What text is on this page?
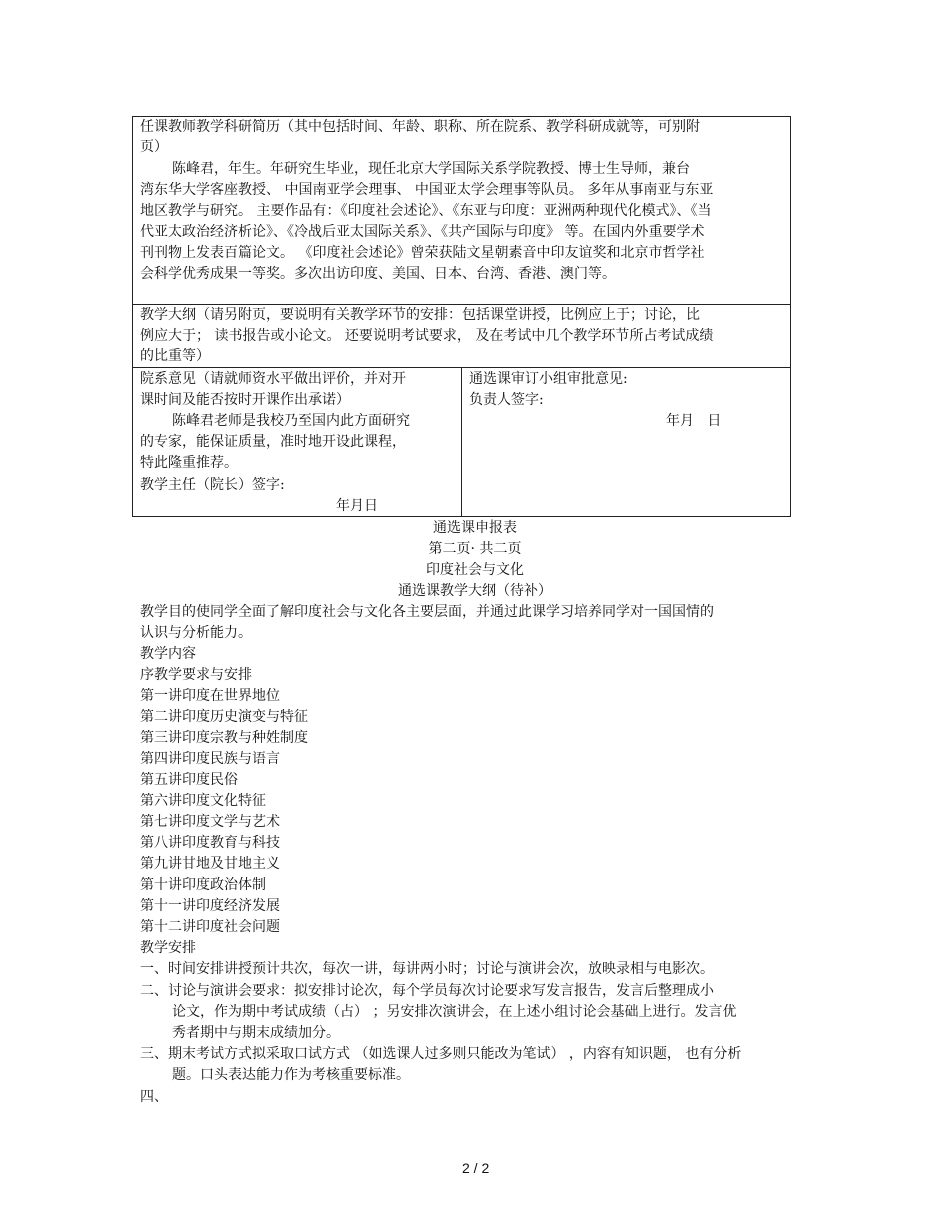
任课教师教学科研简历（其中包括时间、年龄、职称、所在院系、教学科研成就等，可别附
页）
陈峰君，年生。年研究生毕业，现任北京大学国际关系学院教授、博士生导师，兼台
湾东华大学客座教授、 中国南亚学会理事、 中国亚太学会理事等队员。 多年从事南亚与东亚
地区教学与研究。 主要作品有：《印度社会述论》、《东亚与印度：亚洲两种现代化模式》、《当
代亚太政治经济析论》、《冷战后亚太国际关系》、《共产国际与印度》 等。在国内外重要学术
刊刊物上发表百篇论文。 《印度社会述论》曾荣获陆文星朝素音中印友谊奖和北京市哲学社
会科学优秀成果一等奖。多次出访印度、美国、日本、台湾、香港、澳门等。
教学大纲（请另附页，要说明有关教学环节的安排：包括课堂讲授，比例应上于；讨论，比
例应大于； 读书报告或小论文。 还要说明考试要求， 及在考试中几个教学环节所占考试成绩
的比重等）
院系意见（请就师资水平做出评价，并对开
课时间及能否按时开课作出承诺）
陈峰君老师是我校乃至国内此方面研究
的专家，能保证质量，准时地开设此课程，
特此隆重推荐。
教学主任（院长）签字:
年月日
通选课审订小组审批意见:
负责人签字:
年月   日
通选课申报表
第二页· 共二页
印度社会与文化
通选课教学大纲（待补）
教学目的使同学全面了解印度社会与文化各主要层面，并通过此课学习培养同学对一国国情的
认识与分析能力。
教学内容
序教学要求与安排
第一讲印度在世界地位
第二讲印度历史演变与特征
第三讲印度宗教与种姓制度
第四讲印度民族与语言
第五讲印度民俗
第六讲印度文化特征
第七讲印度文学与艺术
第八讲印度教育与科技
第九讲甘地及甘地主义
第十讲印度政治体制
第十一讲印度经济发展
第十二讲印度社会问题
教学安排
一、时间安排讲授预计共次，每次一讲，每讲两小时；讨论与演讲会次，放映录相与电影次。
二、讨论与演讲会要求：拟安排讨论次，每个学员每次讨论要求写发言报告，发言后整理成小
论文，作为期中考试成绩（占） ；另安排次演讲会，在上述小组讨论会基础上进行。发言优
秀者期中与期末成绩加分。
三、期末考试方式拟采取口试方式 （如选课人过多则只能改为笔试） ，内容有知识题， 也有分析
题。口头表达能力作为考核重要标准。
四、
2 / 2
